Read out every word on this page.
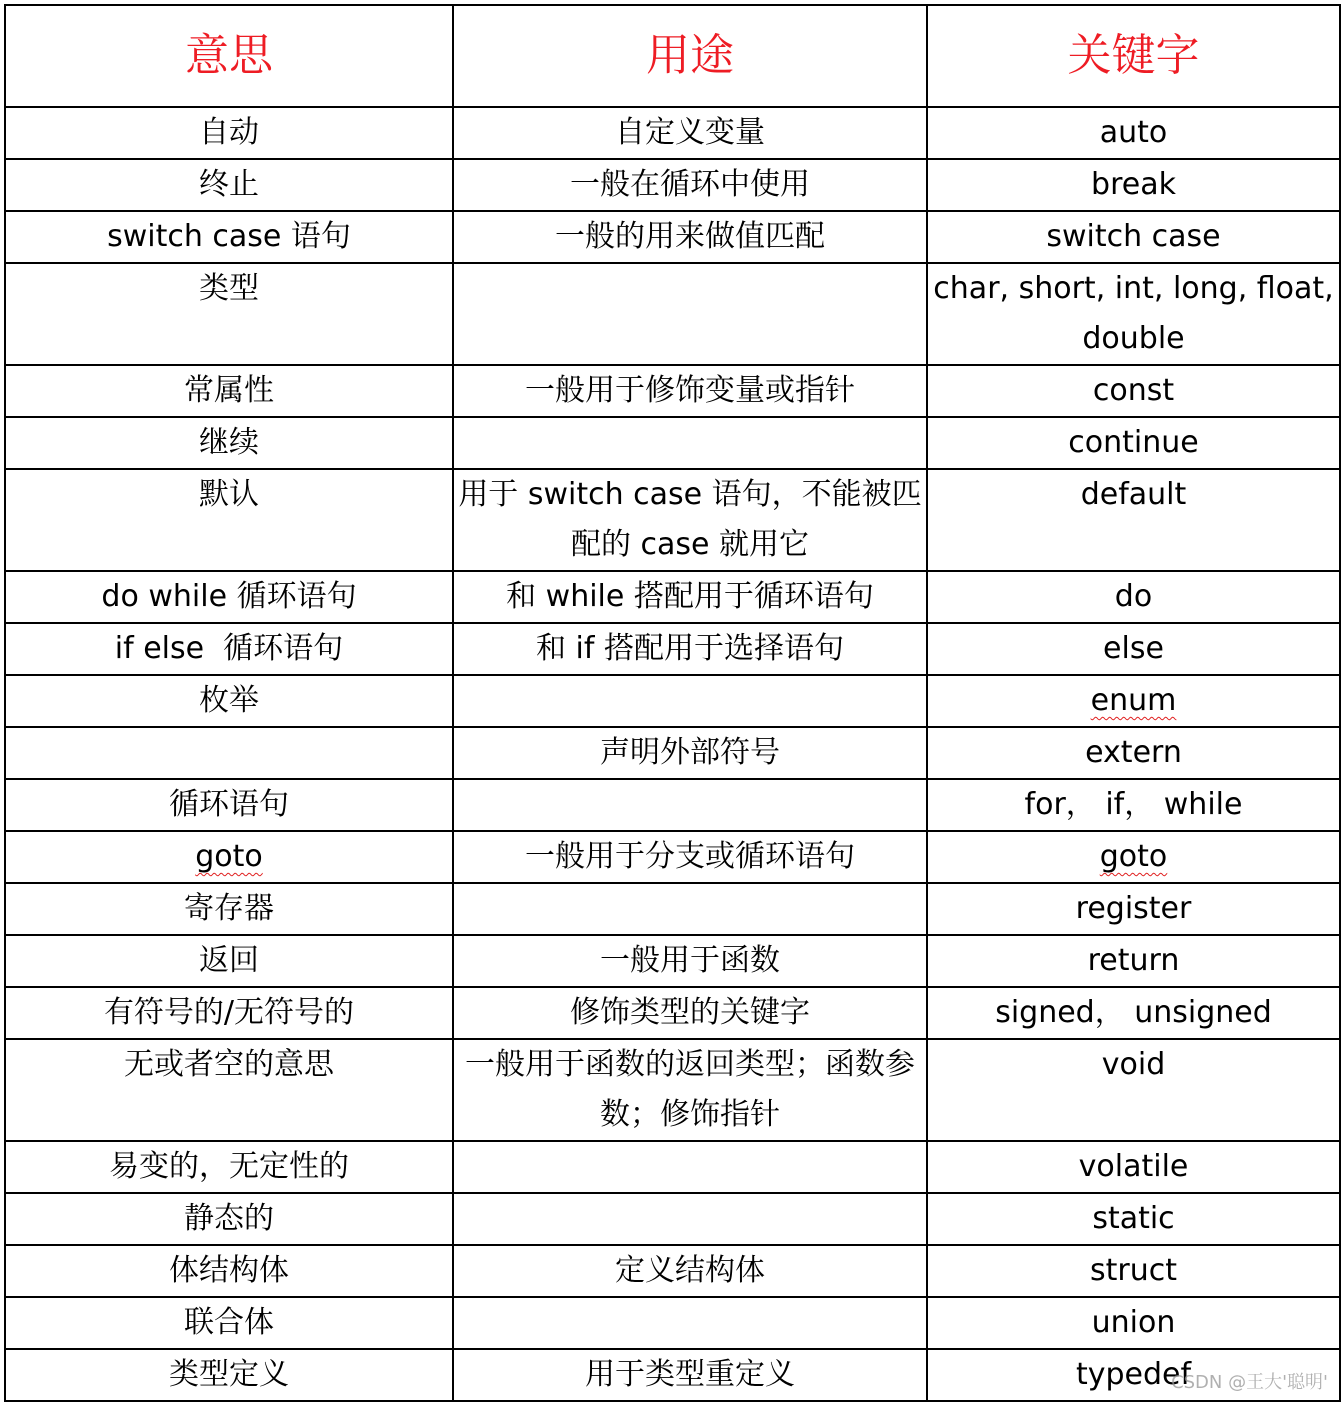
意思	用途	关键字
自动	自定义变量	auto
终止	一般在循环中使用	break
switch case 语句	一般的用来做值匹配	switch case
类型		char, short, int, long, float, double
常属性	一般用于修饰变量或指针	const
继续		continue
默认	用于 switch case 语句，不能被匹配的 case 就用它	default
do while 循环语句	和 while 搭配用于循环语句	do
if else  循环语句	和 if 搭配用于选择语句	else
枚举		enum
	声明外部符号	extern
循环语句		for， if， while
goto	一般用于分支或循环语句	goto
寄存器		register
返回	一般用于函数	return
有符号的/无符号的	修饰类型的关键字	signed， unsigned
无或者空的意思	一般用于函数的返回类型；函数参数；修饰指针	void
易变的，无定性的		volatile
静态的		static
体结构体	定义结构体	struct
联合体		union
类型定义	用于类型重定义	typedef
CSDN @王大'聪明'
